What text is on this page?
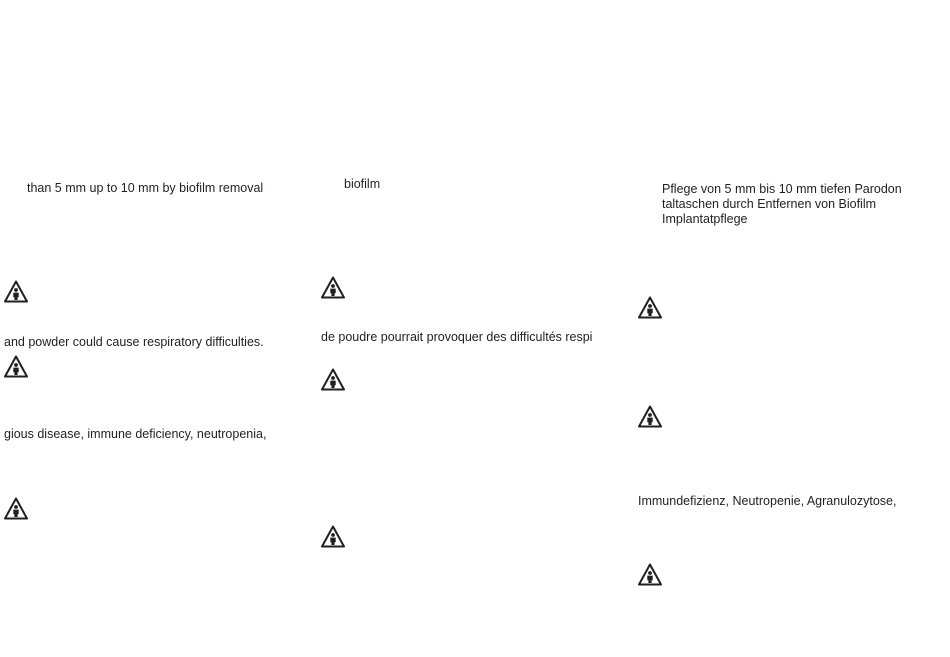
than 5 mm up to 10 mm by biofilm removal

and powder could cause respiratory difficulties.

gious disease, immune deficiency, neutropenia,

biofilm

de poudre pourrait provoquer des difficultés respi

Pflege von 5 mm bis 10 mm tiefen Parodon

taltaschen durch Entfernen von Biofilm

Implantatpflege

Immundefizienz, Neutropenie, Agranulozytose,
